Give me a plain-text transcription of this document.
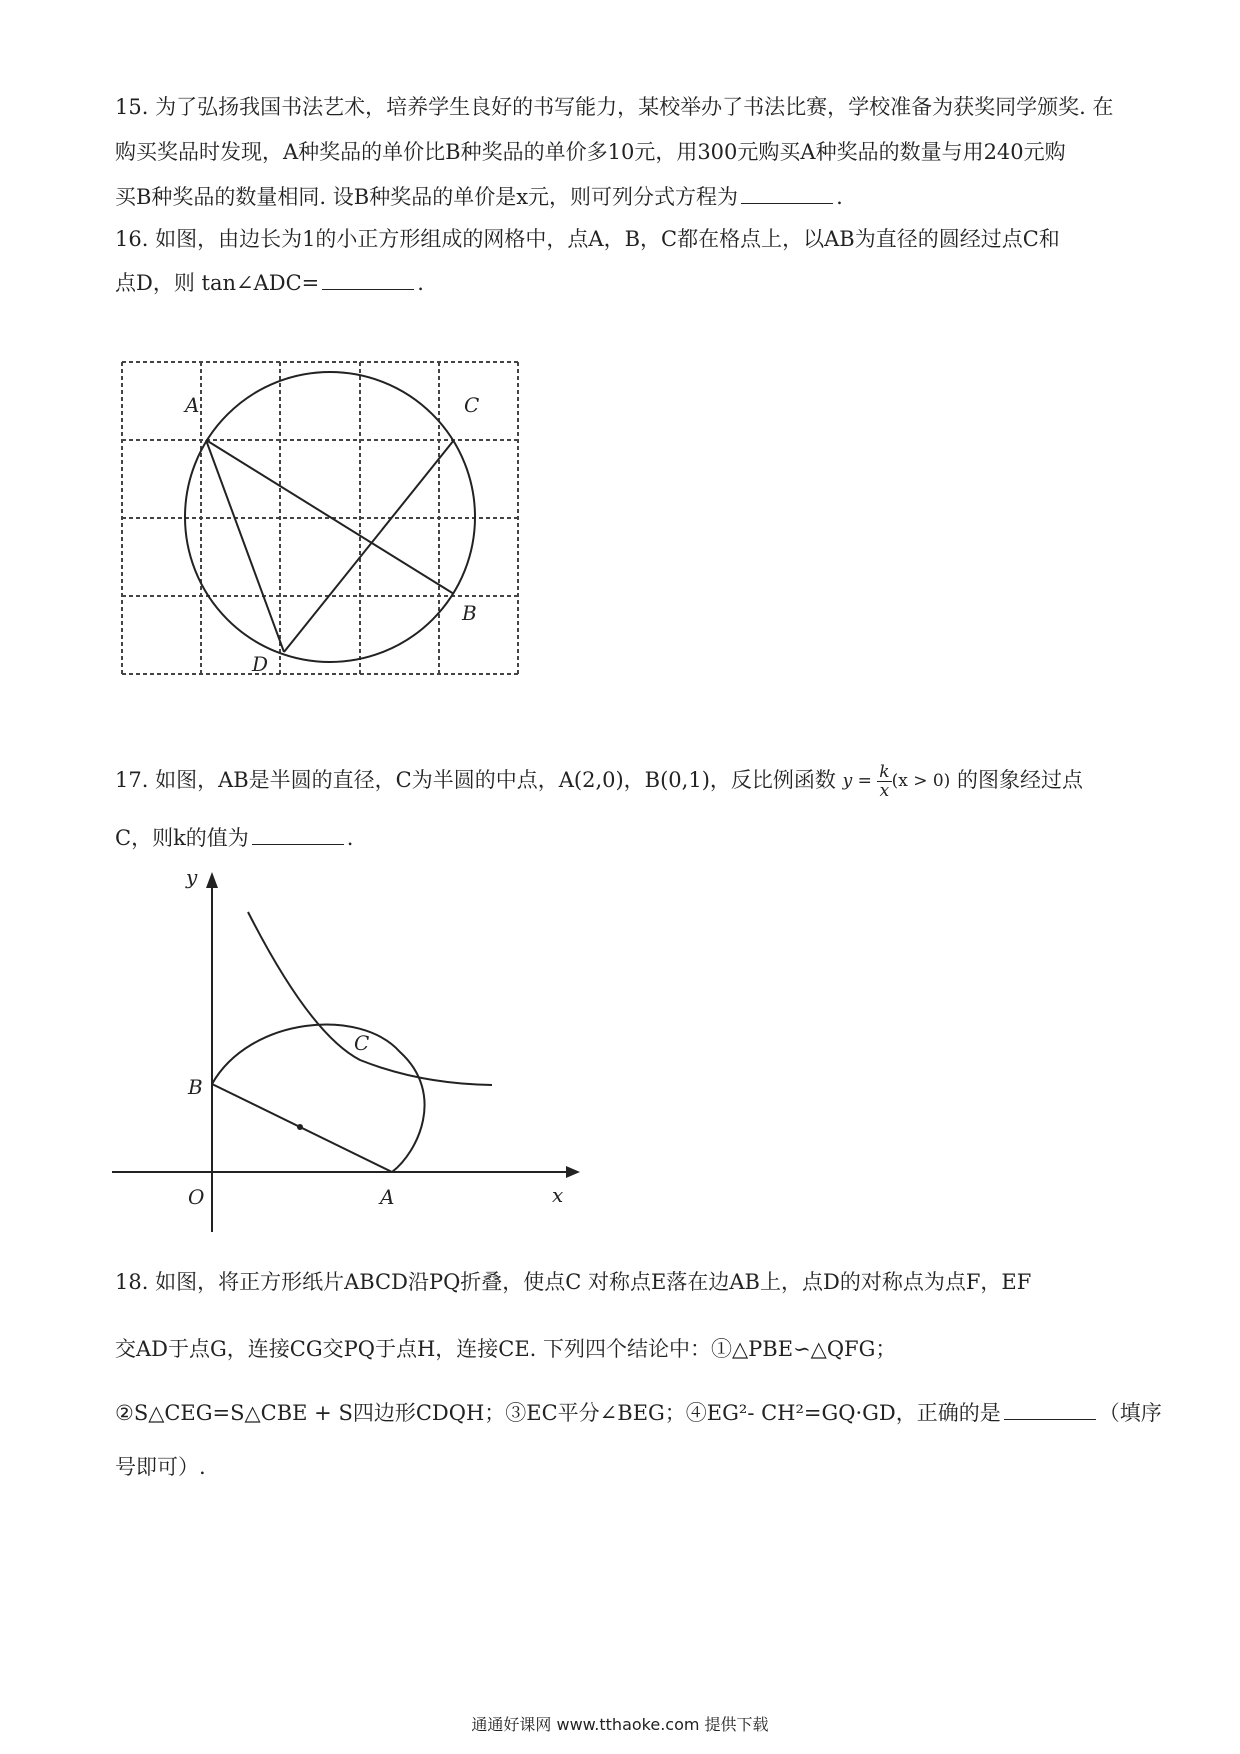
15. 为了弘扬我国书法艺术，培养学生良好的书写能力，某校举办了书法比赛，学校准备为获奖同学颁奖. 在
购买奖品时发现，A种奖品的单价比B种奖品的单价多10元，用300元购买A种奖品的数量与用240元购
买B种奖品的数量相同. 设B种奖品的单价是x元，则可列分式方程为	.
16. 如图，由边长为1的小正方形组成的网格中，点A，B，C都在格点上，以AB为直径的圆经过点C和
点D，则 tan∠ADC=	.
A	C
B
D
17. 如图，AB是半圆的直径，C为半圆的中点，A(2,0)，B(0,1)，反比例函数 $y = \frac{k}{x} (x > 0)$ 的图象经过点
C，则k的值为	.
y
x
O	A
B
C
18. 如图，将正方形纸片ABCD沿PQ折叠，使点C 对称点E落在边AB上，点D的对称点为点F，EF
交AD于点G，连接CG交PQ于点H，连接CE. 下列四个结论中：①△PBE∽△QFG；
②S△CEG=S△CBE + S四边形CDQH；③EC平分∠BEG；④EG²- CH²=GQ·GD，正确的是	（填序
号即可）.
通通好课网 www.tthaoke.com 提供下载
